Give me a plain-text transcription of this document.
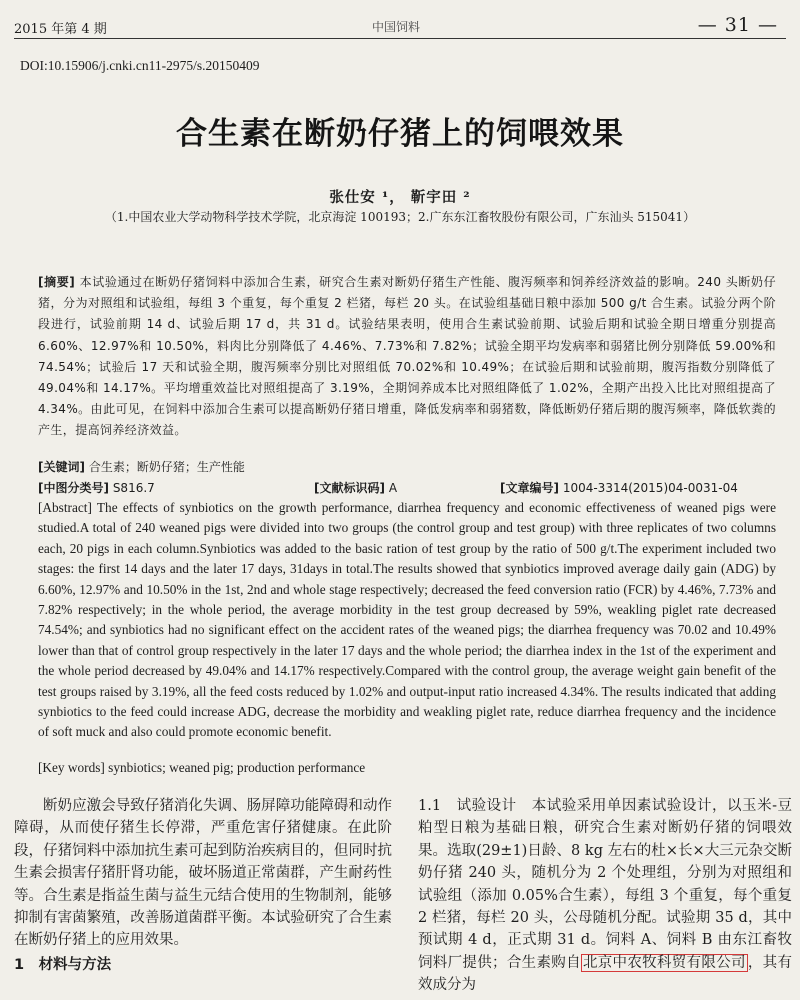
2015 年第 4 期	中国饲料	— 31 —
DOI:10.15906/j.cnki.cn11-2975/s.20150409
合生素在断奶仔猪上的饲喂效果
张仕安 ¹， 靳宇田 ²
（1.中国农业大学动物科学技术学院，北京海淀 100193；2.广东东江畜牧股份有限公司，广东汕头 515041）
[摘要] 本试验通过在断奶仔猪饲料中添加合生素，研究合生素对断奶仔猪生产性能、腹泻频率和饲养经济效益的影响。240 头断奶仔猪，分为对照组和试验组，每组 3 个重复，每个重复 2 栏猪，每栏 20 头。在试验组基础日粮中添加 500 g/t 合生素。试验分两个阶段进行，试验前期 14 d、试验后期 17 d，共 31 d。试验结果表明，使用合生素试验前期、试验后期和试验全期日增重分别提高 6.60%、12.97%和 10.50%，料肉比分别降低了 4.46%、7.73%和 7.82%；试验全期平均发病率和弱猪比例分别降低 59.00%和 74.54%；试验后 17 天和试验全期，腹泻频率分别比对照组低 70.02%和 10.49%；在试验后期和试验前期，腹泻指数分别降低了 49.04%和 14.17%。平均增重效益比对照组提高了 3.19%，全期饲养成本比对照组降低了 1.02%，全期产出投入比比对照组提高了 4.34%。由此可见，在饲料中添加合生素可以提高断奶仔猪日增重，降低发病率和弱猪数，降低断奶仔猪后期的腹泻频率，降低软粪的产生，提高饲养经济效益。
[关键词] 合生素；断奶仔猪；生产性能
[中图分类号] S816.7	[文献标识码] A	[文章编号] 1004-3314(2015)04-0031-04
[Abstract] The effects of synbiotics on the growth performance, diarrhea frequency and economic effectiveness of weaned pigs were studied.A total of 240 weaned pigs were divided into two groups (the control group and test group) with three replicates of two columns each, 20 pigs in each column.Synbiotics was added to the basic ration of test group by the ratio of 500 g/t.The experiment included two stages: the first 14 days and the later 17 days, 31days in total.The results showed that synbiotics improved average daily gain (ADG) by 6.60%, 12.97% and 10.50% in the 1st, 2nd and whole stage respectively; decreased the feed conversion ratio (FCR) by 4.46%, 7.73% and 7.82% respectively; in the whole period, the average morbidity in the test group decreased by 59%, weakling piglet rate decreased 74.54%; and synbiotics had no significant effect on the accident rates of the weaned pigs; the diarrhea frequency was 70.02 and 10.49% lower than that of control group respectively in the later 17 days and the whole period; the diarrhea index in the 1st of the experiment and the whole period decreased by 49.04% and 14.17% respectively.Compared with the control group, the average weight gain benefit of the test groups raised by 3.19%, all the feed costs reduced by 1.02% and output-input ratio increased 4.34%. The results indicated that adding synbiotics to the feed could increase ADG, decrease the morbidity and weakling piglet rate, reduce diarrhea frequency and the incidence of soft muck and also could promote economic benefit.
[Key words] synbiotics; weaned pig; production performance

断奶应激会导致仔猪消化失调、肠屏障功能障碍和动作障碍，从而使仔猪生长停滞，严重危害仔猪健康。在此阶段，仔猪饲料中添加抗生素可起到防治疾病目的，但同时抗生素会损害仔猪肝肾功能，破坏肠道正常菌群，产生耐药性等。合生素是指益生菌与益生元结合使用的生物制剂，能够抑制有害菌繁殖，改善肠道菌群平衡。本试验研究了合生素在断奶仔猪上的应用效果。

1　材料与方法

1.1　试验设计　 本试验采用单因素试验设计，以玉米-豆粕型日粮为基础日粮，研究合生素对断奶仔猪的饲喂效果。选取(29±1)日龄、8 kg 左右的杜×长×大三元杂交断奶仔猪 240 头，随机分为 2 个处理组，分别为对照组和试验组（添加 0.05%合生素），每组 3 个重复，每个重复 2 栏猪，每栏 20 头，公母随机分配。试验期 35 d，其中预试期 4 d，正式期 31 d。饲料 A、饲料 B 由东江畜牧饲料厂提供；合生素购自 北京中农牧科贸有限公司 ，其有效成分为
